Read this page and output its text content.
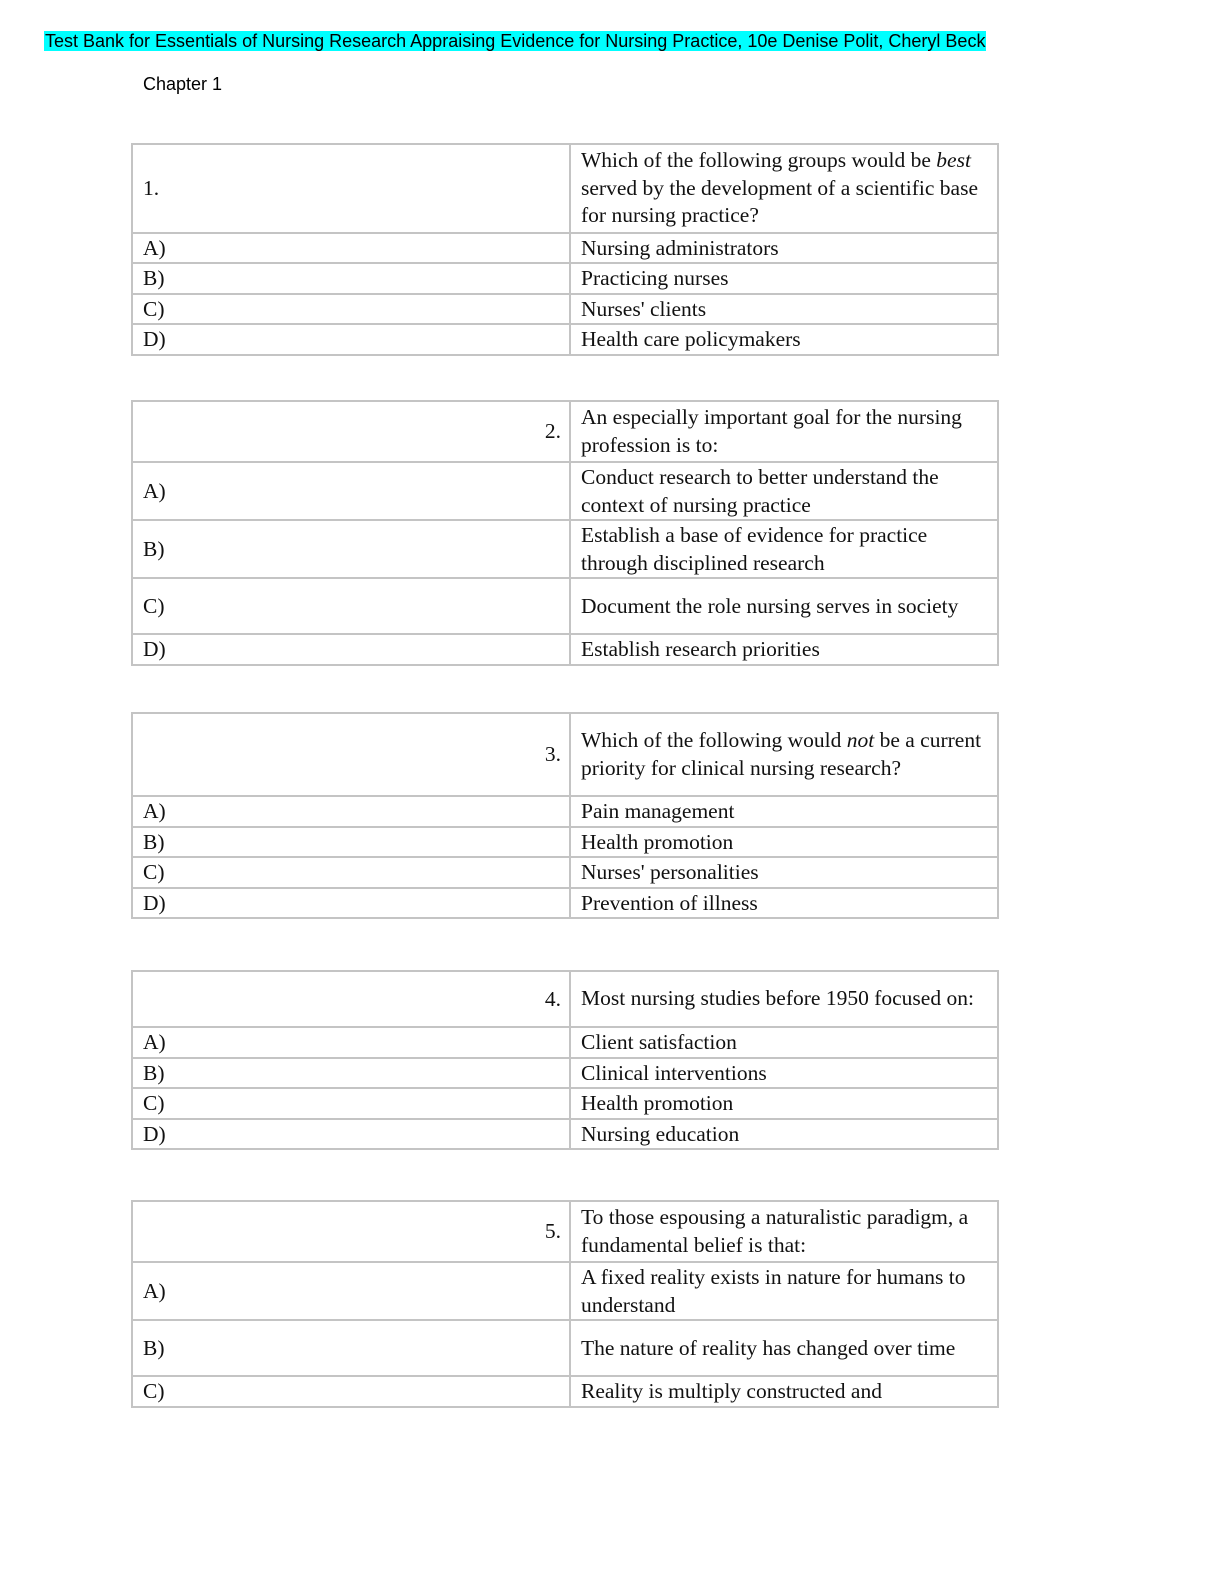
Test Bank for Essentials of Nursing Research Appraising Evidence for Nursing Practice, 10e Denise Polit, Cheryl Beck
Chapter 1
1.	Which of the following groups would be best served by the development of a scientific base for nursing practice?
A)	Nursing administrators
B)	Practicing nurses
C)	Nurses' clients
D)	Health care policymakers
2.	An especially important goal for the nursing profession is to:
A)	Conduct research to better understand the context of nursing practice
B)	Establish a base of evidence for practice through disciplined research
C)	Document the role nursing serves in society
D)	Establish research priorities
3.	Which of the following would not be a current priority for clinical nursing research?
A)	Pain management
B)	Health promotion
C)	Nurses' personalities
D)	Prevention of illness
4.	Most nursing studies before 1950 focused on:
A)	Client satisfaction
B)	Clinical interventions
C)	Health promotion
D)	Nursing education
5.	To those espousing a naturalistic paradigm, a fundamental belief is that:
A)	A fixed reality exists in nature for humans to understand
B)	The nature of reality has changed over time
C)	Reality is multiply constructed and
